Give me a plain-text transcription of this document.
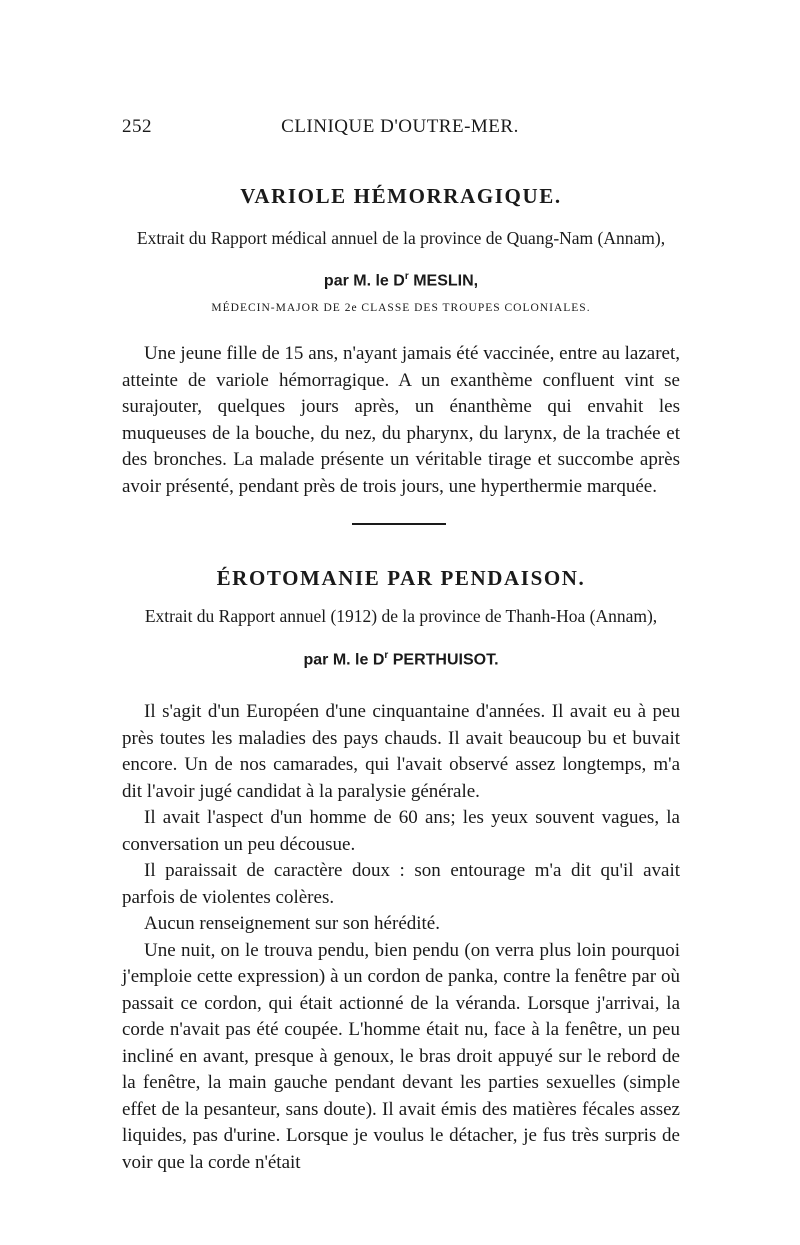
252	CLINIQUE D'OUTRE-MER.
VARIOLE HÉMORRAGIQUE.

Extrait du Rapport médical annuel de la province de Quang-Nam (Annam),

par M. le $D^r$ MESLIN,

MÉDECIN-MAJOR DE 2e CLASSE DES TROUPES COLONIALES.

Une jeune fille de 15 ans, n'ayant jamais été vaccinée, entre au lazaret, atteinte de variole hémorragique. A un exanthème confluent vint se surajouter, quelques jours après, un énanthème qui envahit les muqueuses de la bouche, du nez, du pharynx, du larynx, de la trachée et des bronches. La malade présente un véritable tirage et succombe après avoir présenté, pendant près de trois jours, une hyperthermie marquée.

ÉROTOMANIE PAR PENDAISON.

Extrait du Rapport annuel (1912) de la province de Thanh-Hoa (Annam),

par M. le $D^r$ PERTHUISOT.

Il s'agit d'un Européen d'une cinquantaine d'années. Il avait eu à peu près toutes les maladies des pays chauds. Il avait beaucoup bu et buvait encore. Un de nos camarades, qui l'avait observé assez longtemps, m'a dit l'avoir jugé candidat à la paralysie générale.

Il avait l'aspect d'un homme de 60 ans; les yeux souvent vagues, la conversation un peu décousue.

Il paraissait de caractère doux : son entourage m'a dit qu'il avait parfois de violentes colères.

Aucun renseignement sur son hérédité.

Une nuit, on le trouva pendu, bien pendu (on verra plus loin pourquoi j'emploie cette expression) à un cordon de panka, contre la fenêtre par où passait ce cordon, qui était actionné de la véranda. Lorsque j'arrivai, la corde n'avait pas été coupée. L'homme était nu, face à la fenêtre, un peu incliné en avant, presque à genoux, le bras droit appuyé sur le rebord de la fenêtre, la main gauche pendant devant les parties sexuelles (simple effet de la pesanteur, sans doute). Il avait émis des matières fécales assez liquides, pas d'urine. Lorsque je voulus le détacher, je fus très surpris de voir que la corde n'était
